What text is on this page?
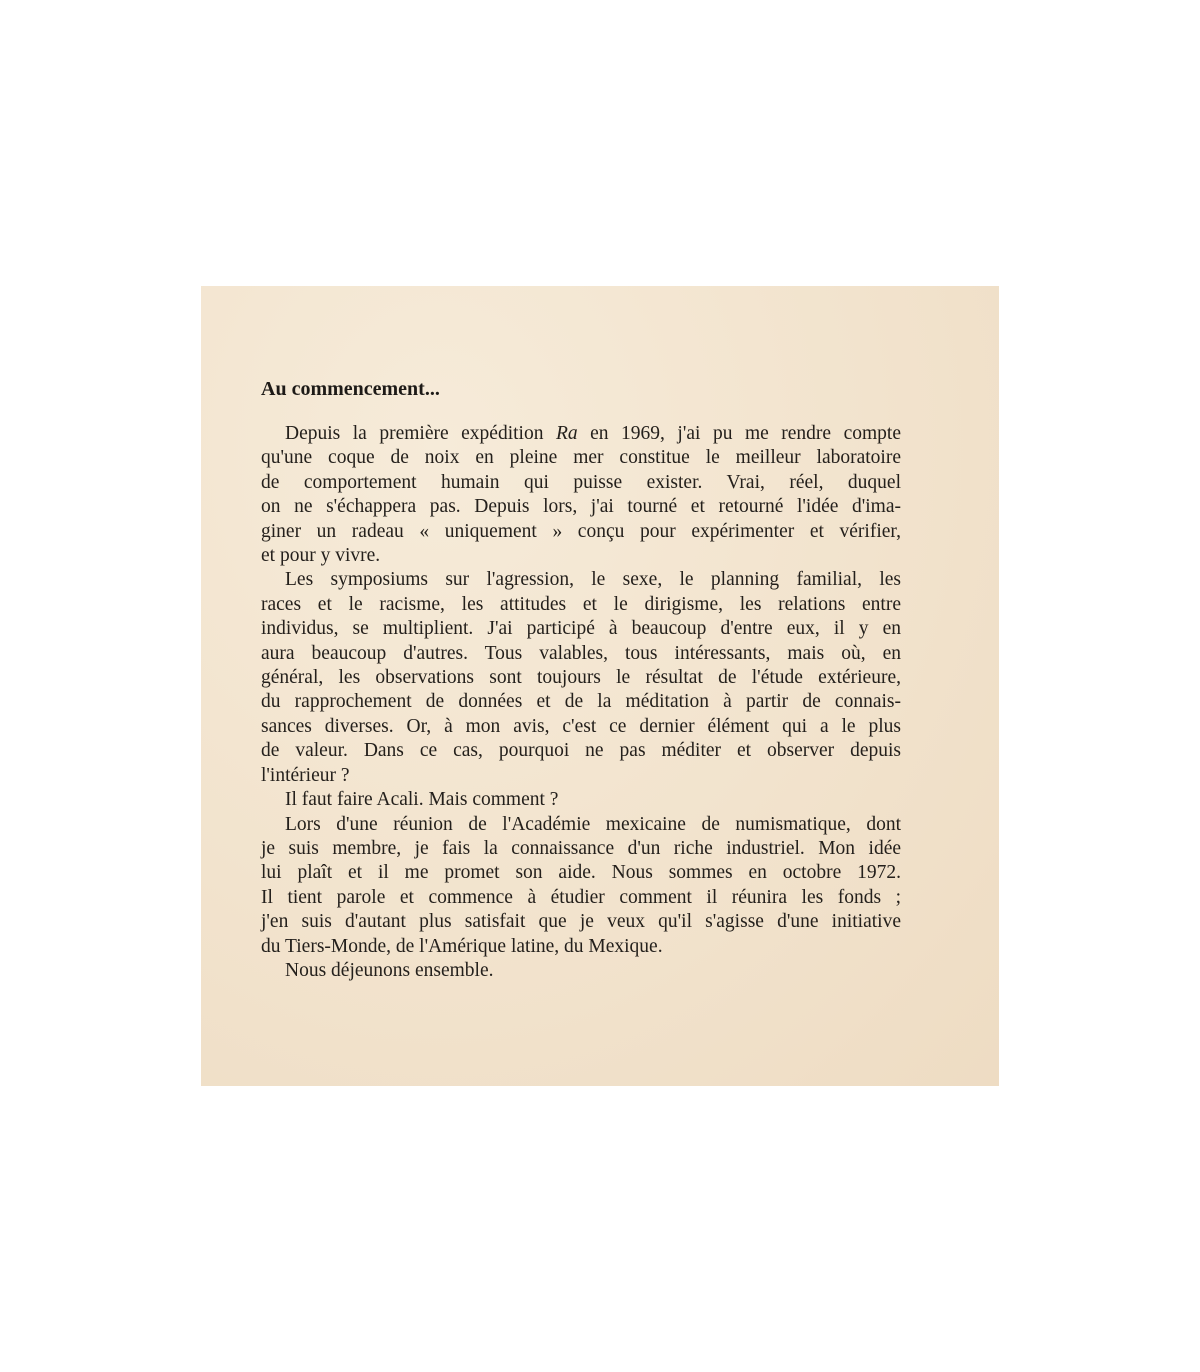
Au commencement...
Depuis la première expédition Ra en 1969, j'ai pu me rendre compte
qu'une coque de noix en pleine mer constitue le meilleur laboratoire
de comportement humain qui puisse exister. Vrai, réel, duquel
on ne s'échappera pas. Depuis lors, j'ai tourné et retourné l'idée d'ima-
giner un radeau « uniquement » conçu pour expérimenter et vérifier,
et pour y vivre.
Les symposiums sur l'agression, le sexe, le planning familial, les
races et le racisme, les attitudes et le dirigisme, les relations entre
individus, se multiplient. J'ai participé à beaucoup d'entre eux, il y en
aura beaucoup d'autres. Tous valables, tous intéressants, mais où, en
général, les observations sont toujours le résultat de l'étude extérieure,
du rapprochement de données et de la méditation à partir de connais-
sances diverses. Or, à mon avis, c'est ce dernier élément qui a le plus
de valeur. Dans ce cas, pourquoi ne pas méditer et observer depuis
l'intérieur ?
Il faut faire Acali. Mais comment ?
Lors d'une réunion de l'Académie mexicaine de numismatique, dont
je suis membre, je fais la connaissance d'un riche industriel. Mon idée
lui plaît et il me promet son aide. Nous sommes en octobre 1972.
Il tient parole et commence à étudier comment il réunira les fonds ;
j'en suis d'autant plus satisfait que je veux qu'il s'agisse d'une initiative
du Tiers-Monde, de l'Amérique latine, du Mexique.
Nous déjeunons ensemble.
